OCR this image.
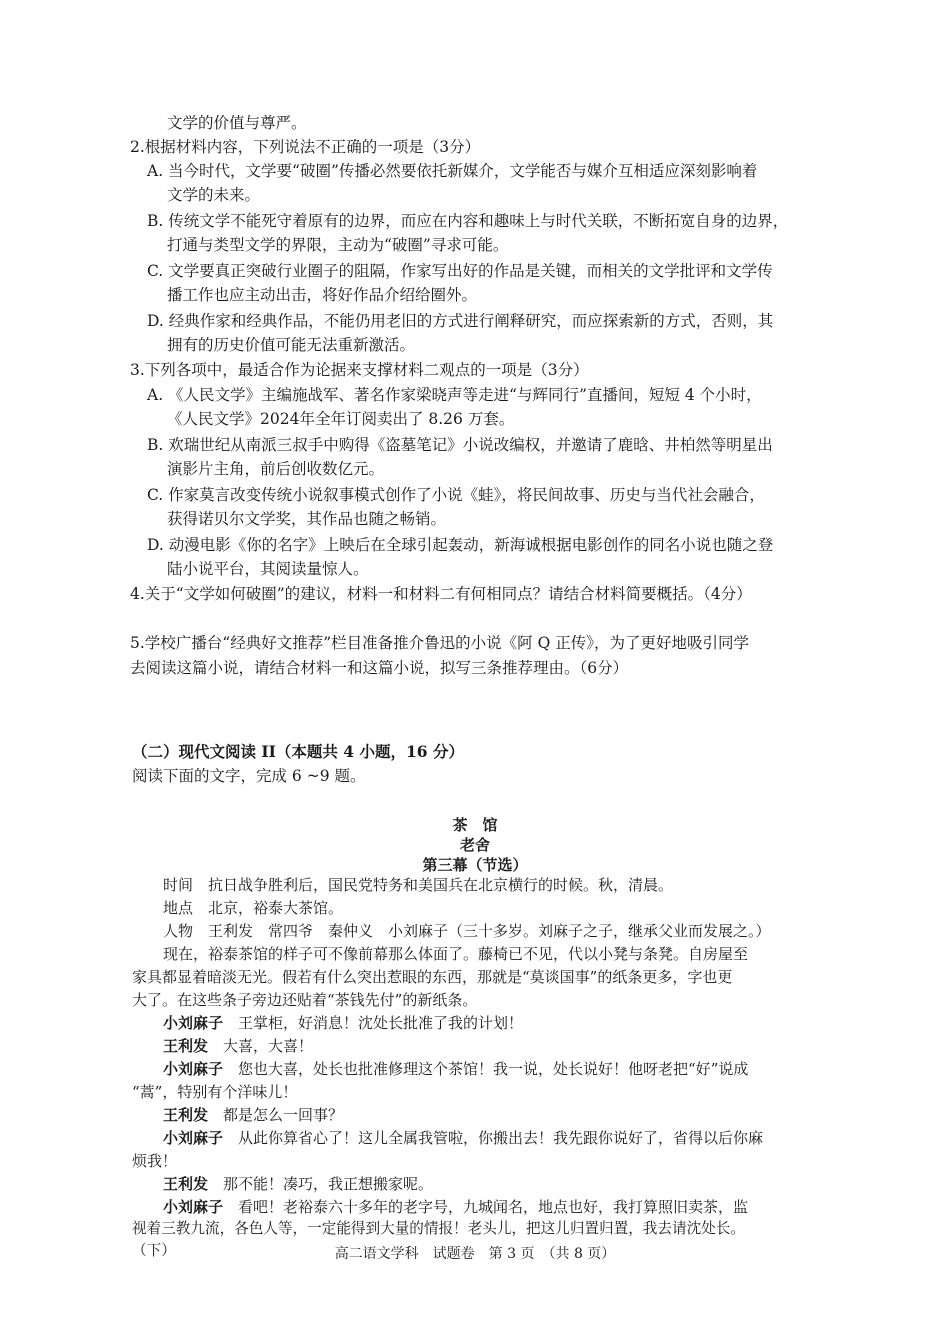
文学的价值与尊严。
2.根据材料内容，下列说法不正确的一项是（3分）
A. 当今时代，文学要“破圈”传播必然要依托新媒介，文学能否与媒介互相适应深刻影响着
文学的未来。
B. 传统文学不能死守着原有的边界，而应在内容和趣味上与时代关联，不断拓宽自身的边界，
打通与类型文学的界限，主动为“破圈”寻求可能。
C. 文学要真正突破行业圈子的阻隔，作家写出好的作品是关键，而相关的文学批评和文学传
播工作也应主动出击，将好作品介绍给圈外。
D. 经典作家和经典作品，不能仍用老旧的方式进行阐释研究，而应探索新的方式，否则，其
拥有的历史价值可能无法重新激活。
3.下列各项中，最适合作为论据来支撑材料二观点的一项是（3分）
A. 《人民文学》主编施战军、著名作家梁晓声等走进“与辉同行”直播间，短短 4 个小时，
《人民文学》2024年全年订阅卖出了 8.26 万套。
B. 欢瑞世纪从南派三叔手中购得《盗墓笔记》小说改编权，并邀请了鹿晗、井柏然等明星出
演影片主角，前后创收数亿元。
C. 作家莫言改变传统小说叙事模式创作了小说《蛙》，将民间故事、历史与当代社会融合，
获得诺贝尔文学奖，其作品也随之畅销。
D. 动漫电影《你的名字》上映后在全球引起轰动，新海诚根据电影创作的同名小说也随之登
陆小说平台，其阅读量惊人。
4.关于“文学如何破圈”的建议，材料一和材料二有何相同点？请结合材料简要概括。（4分）
5.学校广播台“经典好文推荐”栏目准备推介鲁迅的小说《阿 Q 正传》，为了更好地吸引同学
去阅读这篇小说，请结合材料一和这篇小说，拟写三条推荐理由。（6分）
（二）现代文阅读 II（本题共 4 小题，16 分）
阅读下面的文字，完成 6 ~9 题。
茶　馆
老舍
第三幕（节选）
时间　抗日战争胜利后，国民党特务和美国兵在北京横行的时候。秋，清晨。
地点　北京，裕泰大茶馆。
人物　王利发　常四爷　秦仲义　小刘麻子（三十多岁。刘麻子之子，继承父业而发展之。）
现在，裕泰茶馆的样子可不像前幕那么体面了。藤椅已不见，代以小凳与条凳。自房屋至
家具都显着暗淡无光。假若有什么突出惹眼的东西，那就是“莫谈国事”的纸条更多，字也更
大了。在这些条子旁边还贴着“茶钱先付”的新纸条。
小刘麻子　王掌柜，好消息！沈处长批准了我的计划！
王利发　大喜，大喜！
小刘麻子　您也大喜，处长也批准修理这个茶馆！我一说，处长说好！他呀老把“好”说成
“蒿”，特别有个洋味儿！
王利发　都是怎么一回事？
小刘麻子　从此你算省心了！这儿全属我管啦，你搬出去！我先跟你说好了，省得以后你麻
烦我！
王利发　那不能！凑巧，我正想搬家呢。
小刘麻子　看吧！老裕泰六十多年的老字号，九城闻名，地点也好，我打算照旧卖茶，监
视着三教九流，各色人等，一定能得到大量的情报！老头儿，把这儿归置归置，我去请沈处长。
（下）	高二语文学科　试题卷　第 3 页　（共 8 页）
